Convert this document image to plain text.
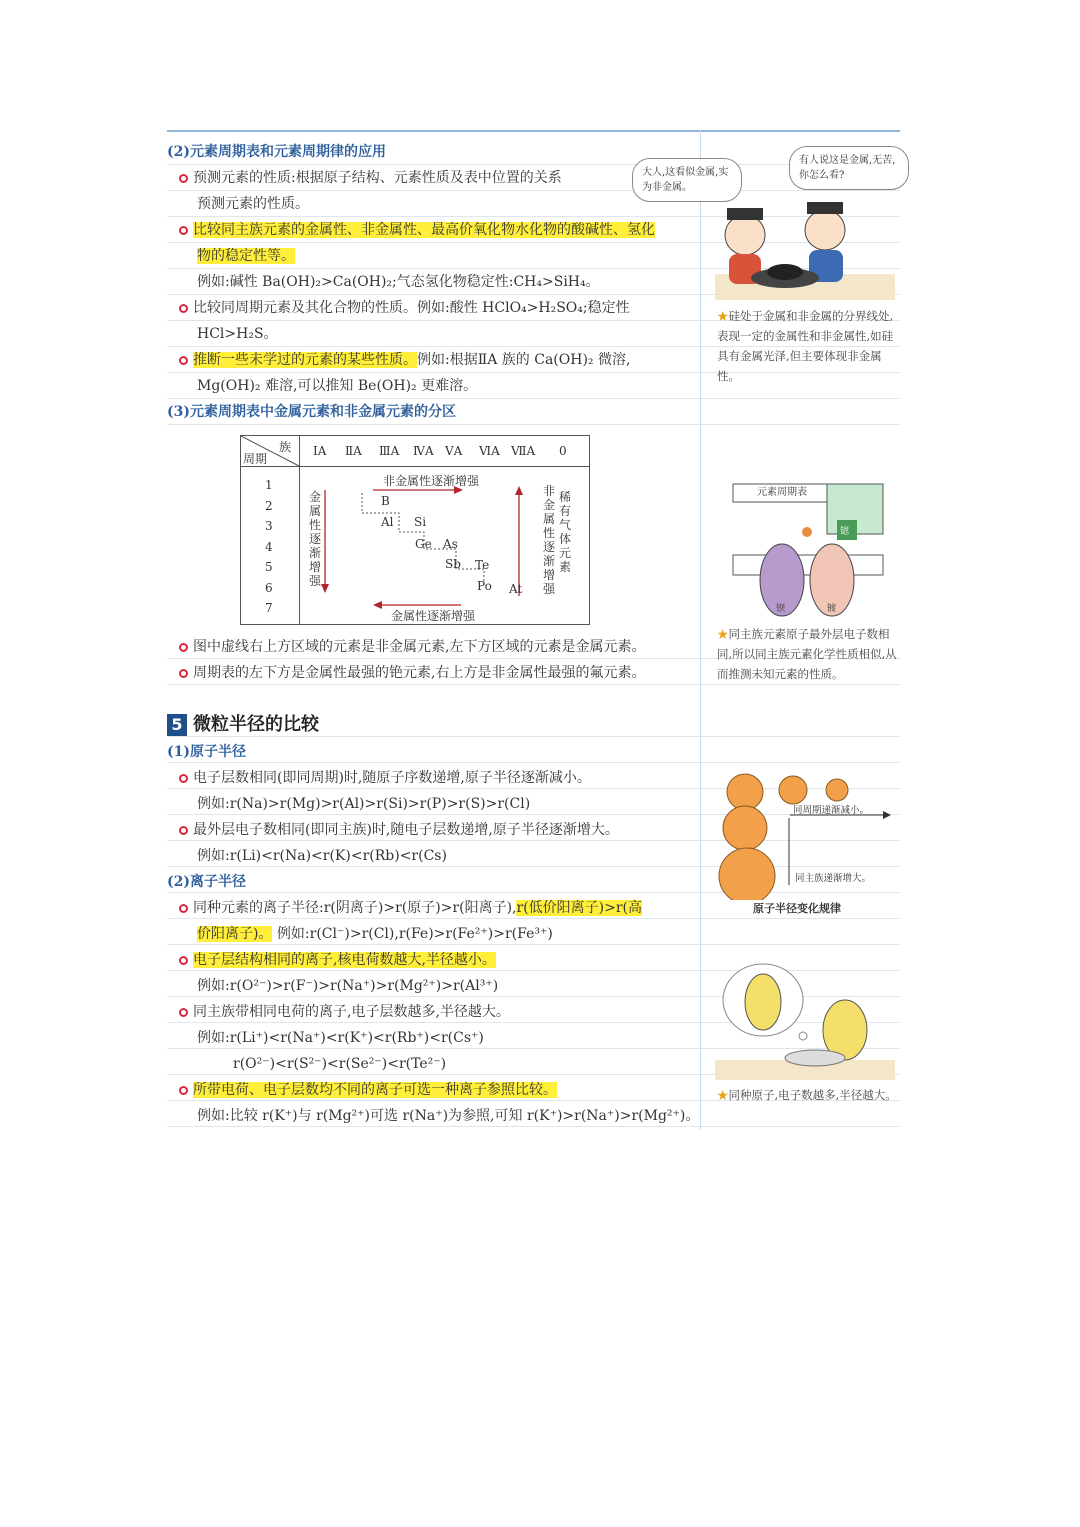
(2)元素周期表和元素周期律的应用
预测元素的性质:根据原子结构、元素性质及表中位置的关系
预测元素的性质。
比较同主族元素的金属性、非金属性、最高价氧化物水化物的酸碱性、氢化
物的稳定性等。
例如:碱性 Ba(OH)₂>Ca(OH)₂;气态氢化物稳定性:CH₄>SiH₄。
比较同周期元素及其化合物的性质。例如:酸性 HClO₄>H₂SO₄;稳定性
HCl>H₂S。
推断一些未学过的元素的某些性质。例如:根据ⅡA 族的 Ca(OH)₂ 微溶,
Mg(OH)₂ 难溶,可以推知 Be(OH)₂ 更难溶。
(3)元素周期表中金属元素和非金属元素的分区
族
周期
ⅠA ⅡA ⅢA ⅣA ⅤA ⅥA ⅦA 0
1
2
3
4
5
6
7
非金属性逐渐增强
金属性逐渐增强
金属性逐渐增强
非金属性逐渐增强
稀有气体元素
B
Al Si
Ge As
Sb Te
Po At
图中虚线右上方区域的元素是非金属元素,左下方区域的元素是金属元素。
周期表的左下方是金属性最强的铯元素,右上方是非金属性最强的氟元素。
5 微粒半径的比较
(1)原子半径
电子层数相同(即同周期)时,随原子序数递增,原子半径逐渐减小。
例如:r(Na)>r(Mg)>r(Al)>r(Si)>r(P)>r(S)>r(Cl)
最外层电子数相同(即同主族)时,随电子层数递增,原子半径逐渐增大。
例如:r(Li)<r(Na)<r(K)<r(Rb)<r(Cs)
(2)离子半径
同种元素的离子半径:r(阴离子)>r(原子)>r(阳离子),r(低价阳离子)>r(高
价阳离子)。 例如:r(Cl⁻)>r(Cl),r(Fe)>r(Fe²⁺)>r(Fe³⁺)
电子层结构相同的离子,核电荷数越大,半径越小。
例如:r(O²⁻)>r(F⁻)>r(Na⁺)>r(Mg²⁺)>r(Al³⁺)
同主族带相同电荷的离子,电子层数越多,半径越大。
例如:r(Li⁺)<r(Na⁺)<r(K⁺)<r(Rb⁺)<r(Cs⁺)
r(O²⁻)<r(S²⁻)<r(Se²⁻)<r(Te²⁻)
所带电荷、电子层数均不同的离子可选一种离子参照比较。
例如:比较 r(K⁺)与 r(Mg²⁺)可选 r(Na⁺)为参照,可知 r(K⁺)>r(Na⁺)>r(Mg²⁺)。
大人,这看似金属,实为非金属。
有人说这是金属,无苦,你怎么看?
★硅处于金属和非金属的分界线处,表现一定的金属性和非金属性,如硅具有金属光泽,但主要体现非金属性。
元素周期表
锶
钡	镀
★同主族元素原子最外层电子数相同,所以同主族元素化学性质相似,从而推测未知元素的性质。
同周期递渐减小。
同主族递渐增大。
原子半径变化规律
★同种原子,电子数越多,半径越大。
